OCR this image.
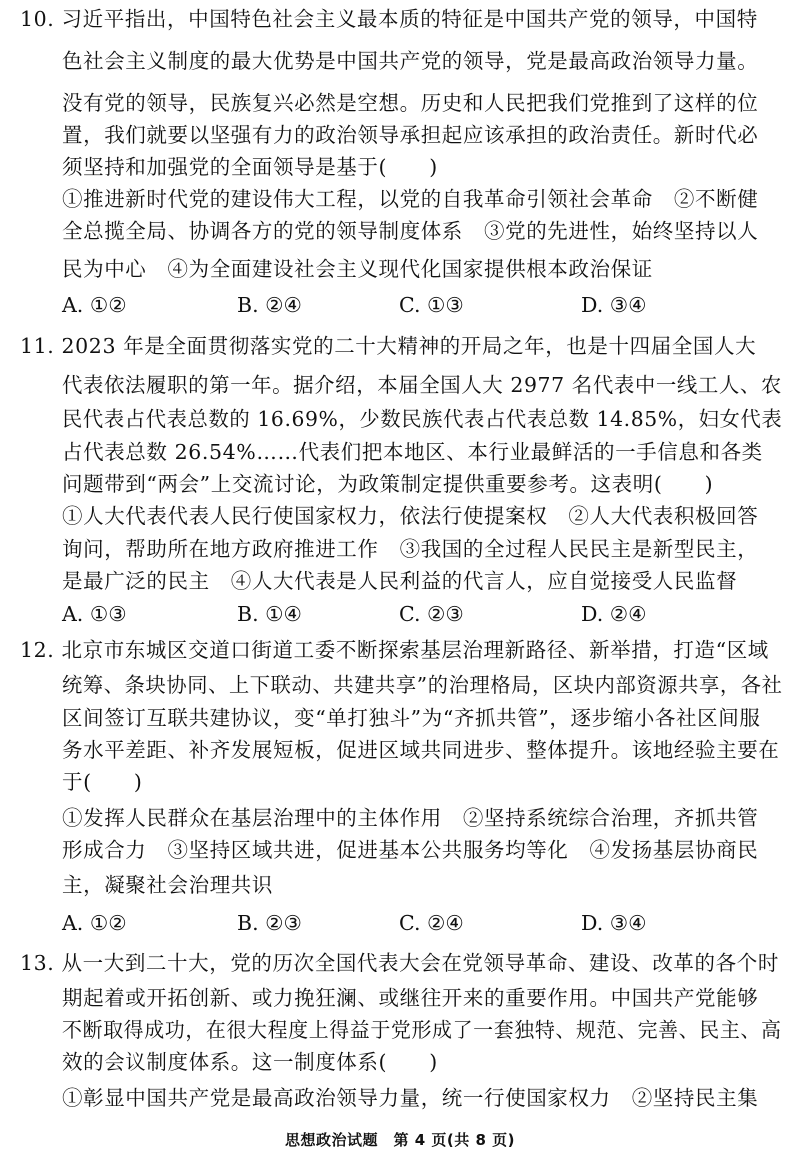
10. 习近平指出，中国特色社会主义最本质的特征是中国共产党的领导，中国特
色社会主义制度的最大优势是中国共产党的领导，党是最高政治领导力量。
没有党的领导，民族复兴必然是空想。历史和人民把我们党推到了这样的位
置，我们就要以坚强有力的政治领导承担起应该承担的政治责任。新时代必
须坚持和加强党的全面领导是基于(　　)
①推进新时代党的建设伟大工程，以党的自我革命引领社会革命　②不断健
全总揽全局、协调各方的党的领导制度体系　③党的先进性，始终坚持以人
民为中心　④为全面建设社会主义现代化国家提供根本政治保证
A. ①②	B. ②④	C. ①③	D. ③④
11. 2023 年是全面贯彻落实党的二十大精神的开局之年，也是十四届全国人大
代表依法履职的第一年。据介绍，本届全国人大 2977 名代表中一线工人、农
民代表占代表总数的 16.69%，少数民族代表占代表总数 14.85%，妇女代表
占代表总数 26.54%……代表们把本地区、本行业最鲜活的一手信息和各类
问题带到“两会”上交流讨论，为政策制定提供重要参考。这表明(　　)
①人大代表代表人民行使国家权力，依法行使提案权　②人大代表积极回答
询问，帮助所在地方政府推进工作　③我国的全过程人民民主是新型民主，
是最广泛的民主　④人大代表是人民利益的代言人，应自觉接受人民监督
A. ①③	B. ①④	C. ②③	D. ②④
12. 北京市东城区交道口街道工委不断探索基层治理新路径、新举措，打造“区域
统筹、条块协同、上下联动、共建共享”的治理格局，区块内部资源共享，各社
区间签订互联共建协议，变“单打独斗”为“齐抓共管”，逐步缩小各社区间服
务水平差距、补齐发展短板，促进区域共同进步、整体提升。该地经验主要在
于(　　)
①发挥人民群众在基层治理中的主体作用　②坚持系统综合治理，齐抓共管
形成合力　③坚持区域共进，促进基本公共服务均等化　④发扬基层协商民
主，凝聚社会治理共识
A. ①②	B. ②③	C. ②④	D. ③④
13. 从一大到二十大，党的历次全国代表大会在党领导革命、建设、改革的各个时
期起着或开拓创新、或力挽狂澜、或继往开来的重要作用。中国共产党能够
不断取得成功，在很大程度上得益于党形成了一套独特、规范、完善、民主、高
效的会议制度体系。这一制度体系(　　)
①彰显中国共产党是最高政治领导力量，统一行使国家权力　②坚持民主集
思想政治试题　第 4 页(共 8 页)
